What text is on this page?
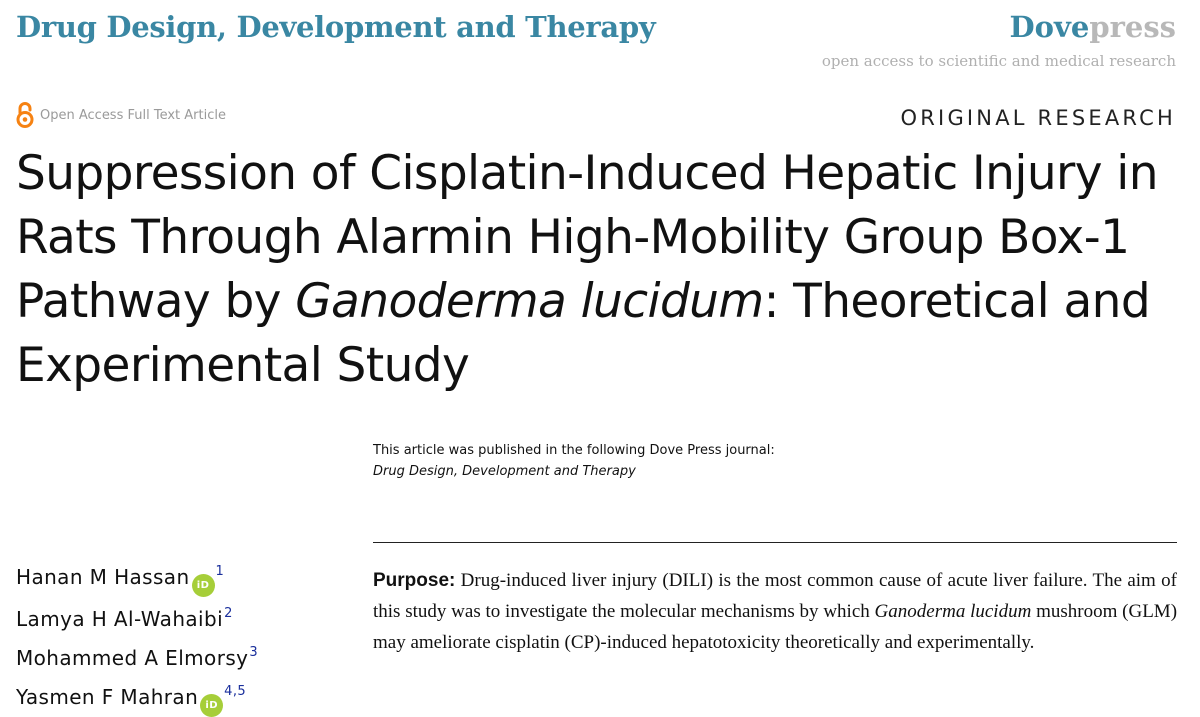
Drug Design, Development and Therapy	Dovepress
open access to scientific and medical research
Open Access Full Text Article	ORIGINAL RESEARCH
Suppression of Cisplatin-Induced Hepatic Injury in
Rats Through Alarmin High-Mobility Group Box-1
Pathway by Ganoderma lucidum: Theoretical and
Experimental Study
This article was published in the following Dove Press journal:
Drug Design, Development and Therapy
Hanan M Hassan iD$^1$
Lamya H Al-Wahaibi$^2$
Mohammed A Elmorsy$^3$
Yasmen F Mahran iD$^{4,5}$

Purpose: Drug-induced liver injury (DILI) is the most common cause of acute liver failure. The aim of this study was to investigate the molecular mechanisms by which Ganoderma lucidum mushroom (GLM) may ameliorate cisplatin (CP)-induced hepatotoxicity theoretically and experimentally.
